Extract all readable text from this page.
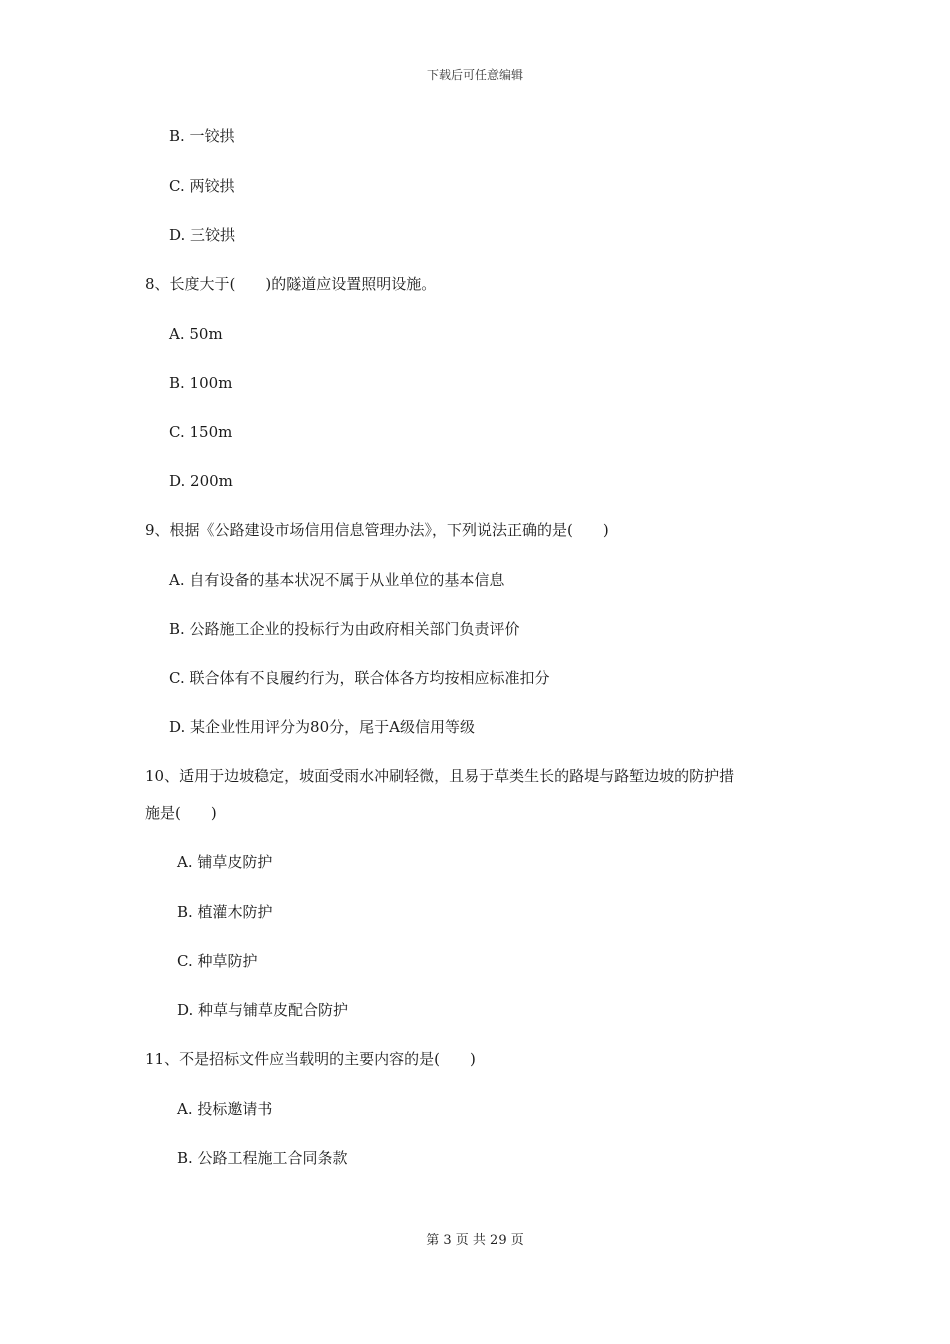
下载后可任意编辑
B. 一铰拱
C. 两铰拱
D. 三铰拱
8、长度大于(　　)的隧道应设置照明设施。
A. 50m
B. 100m
C. 150m
D. 200m
9、根据《公路建设市场信用信息管理办法》，下列说法正确的是(　　)
A. 自有设备的基本状况不属于从业单位的基本信息
B. 公路施工企业的投标行为由政府相关部门负责评价
C. 联合体有不良履约行为，联合体各方均按相应标准扣分
D. 某企业性用评分为80分，尾于A级信用等级
10、适用于边坡稳定，坡面受雨水冲刷轻微，且易于草类生长的路堤与路堑边坡的防护措
施是(　　)
A. 铺草皮防护
B. 植灌木防护
C. 种草防护
D. 种草与铺草皮配合防护
11、不是招标文件应当载明的主要内容的是(　　)
A. 投标邀请书
B. 公路工程施工合同条款
第 3 页 共 29 页
